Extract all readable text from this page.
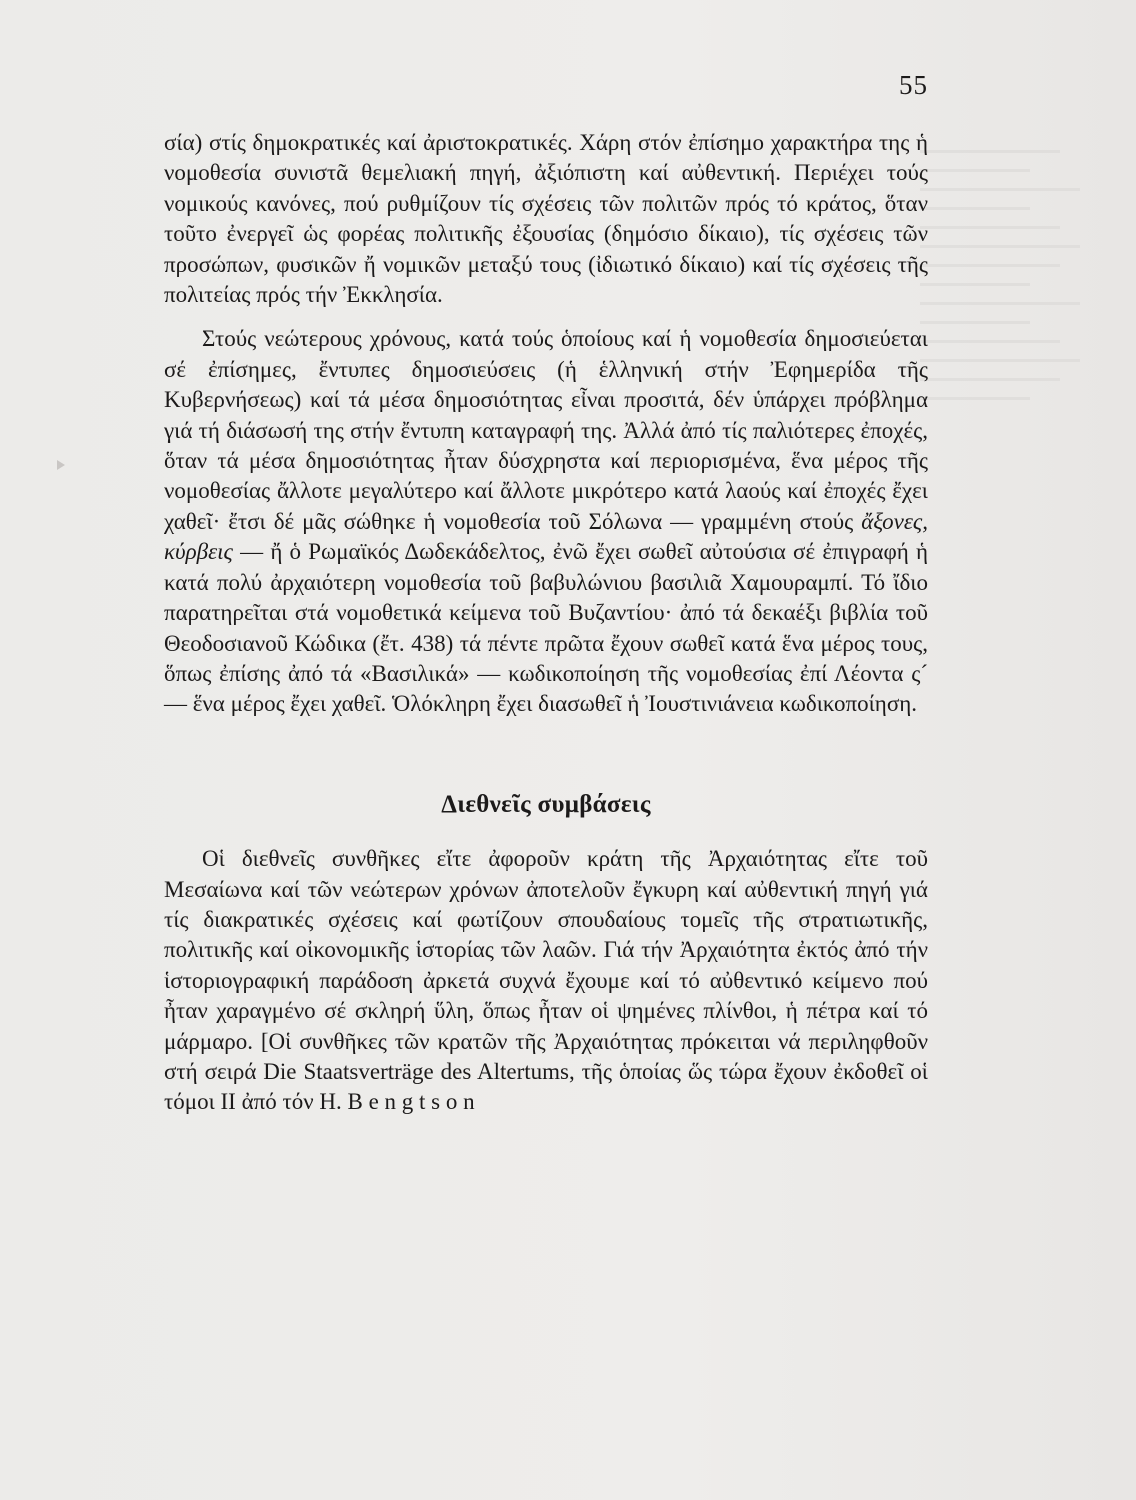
55

σία) στίς δημοκρατικές καί ἀριστοκρατικές. Χάρη στόν ἐπίσημο χαρακτήρα της ἡ νομοθεσία συνιστᾶ θεμελιακή πηγή, ἀξιόπιστη καί αὐθεντική. Περιέχει τούς νομικούς κανόνες, πού ρυθμίζουν τίς σχέσεις τῶν πολιτῶν πρός τό κράτος, ὅταν τοῦτο ἐνεργεῖ ὡς φορέας πολιτικῆς ἐξουσίας (δημόσιο δίκαιο), τίς σχέσεις τῶν προσώπων, φυσικῶν ἤ νομικῶν μεταξύ τους (ἰδιωτικό δίκαιο) καί τίς σχέσεις τῆς πολιτείας πρός τήν Ἐκκλησία.

Στούς νεώτερους χρόνους, κατά τούς ὁποίους καί ἡ νομοθεσία δημοσιεύεται σέ ἐπίσημες, ἔντυπες δημοσιεύσεις (ἡ ἑλληνική στήν Ἐφημερίδα τῆς Κυβερνήσεως) καί τά μέσα δημοσιότητας εἶναι προσιτά, δέν ὑπάρχει πρόβλημα γιά τή διάσωσή της στήν ἔντυπη καταγραφή της. Ἀλλά ἀπό τίς παλιότερες ἐποχές, ὅταν τά μέσα δημοσιότητας ἦταν δύσχρηστα καί περιορισμένα, ἕνα μέρος τῆς νομοθεσίας ἄλλοτε μεγαλύτερο καί ἄλλοτε μικρότερο κατά λαούς καί ἐποχές ἔχει χαθεῖ· ἔτσι δέ μᾶς σώθηκε ἡ νομοθεσία τοῦ Σόλωνα — γραμμένη στούς ἄξονες, κύρβεις — ἤ ὁ Ρωμαϊκός Δωδεκάδελτος, ἐνῶ ἔχει σωθεῖ αὐτούσια σέ ἐπιγραφή ἡ κατά πολύ ἀρχαιότερη νομοθεσία τοῦ βαβυλώνιου βασιλιᾶ Χαμουραμπί. Τό ἴδιο παρατηρεῖται στά νομοθετικά κείμενα τοῦ Βυζαντίου· ἀπό τά δεκαέξι βιβλία τοῦ Θεοδοσιανοῦ Κώδικα (ἔτ. 438) τά πέντε πρῶτα ἔχουν σωθεῖ κατά ἕνα μέρος τους, ὅπως ἐπίσης ἀπό τά «Βασιλικά» — κωδικοποίηση τῆς νομοθεσίας ἐπί Λέοντα ς´ — ἕνα μέρος ἔχει χαθεῖ. Ὁλόκληρη ἔχει διασωθεῖ ἡ Ἰουστινιάνεια κωδικοποίηση.

Διεθνεῖς συμβάσεις

Οἱ διεθνεῖς συνθῆκες εἴτε ἀφοροῦν κράτη τῆς Ἀρχαιότητας εἴτε τοῦ Μεσαίωνα καί τῶν νεώτερων χρόνων ἀποτελοῦν ἔγκυρη καί αὐθεντική πηγή γιά τίς διακρατικές σχέσεις καί φωτίζουν σπουδαίους τομεῖς τῆς στρατιωτικῆς, πολιτικῆς καί οἰκονομικῆς ἱστορίας τῶν λαῶν. Γιά τήν Ἀρχαιότητα ἐκτός ἀπό τήν ἱστοριογραφική παράδοση ἀρκετά συχνά ἔχουμε καί τό αὐθεντικό κείμενο πού ἦταν χαραγμένο σέ σκληρή ὕλη, ὅπως ἦταν οἱ ψημένες πλίνθοι, ἡ πέτρα καί τό μάρμαρο. [Οἱ συνθῆκες τῶν κρατῶν τῆς Ἀρχαιότητας πρόκειται νά περιληφθοῦν στή σειρά Die Staatsverträge des Altertums, τῆς ὁποίας ὥς τώρα ἔχουν ἐκδοθεῖ οἱ τόμοι II ἀπό τόν H. B e n g t s o n
